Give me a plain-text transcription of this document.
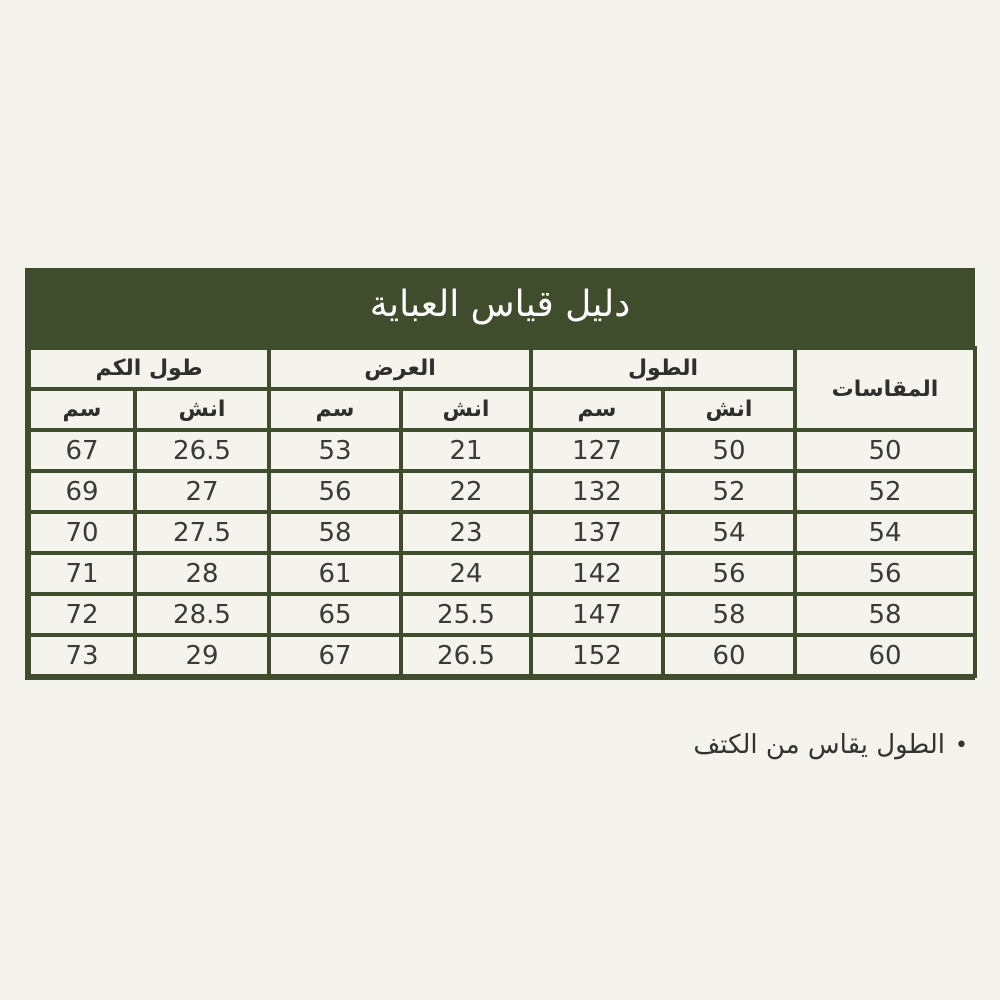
دليل قياس العباية
المقاسات	الطول		العرض		طول الكم	
	انش	سم	انش	سم	انش	سم
50	50	127	21	53	26.5	67
52	52	132	22	56	27	69
54	54	137	23	58	27.5	70
56	56	142	24	61	28	71
58	58	147	25.5	65	28.5	72
60	60	152	26.5	67	29	73
•
الطول يقاس من الكتف
